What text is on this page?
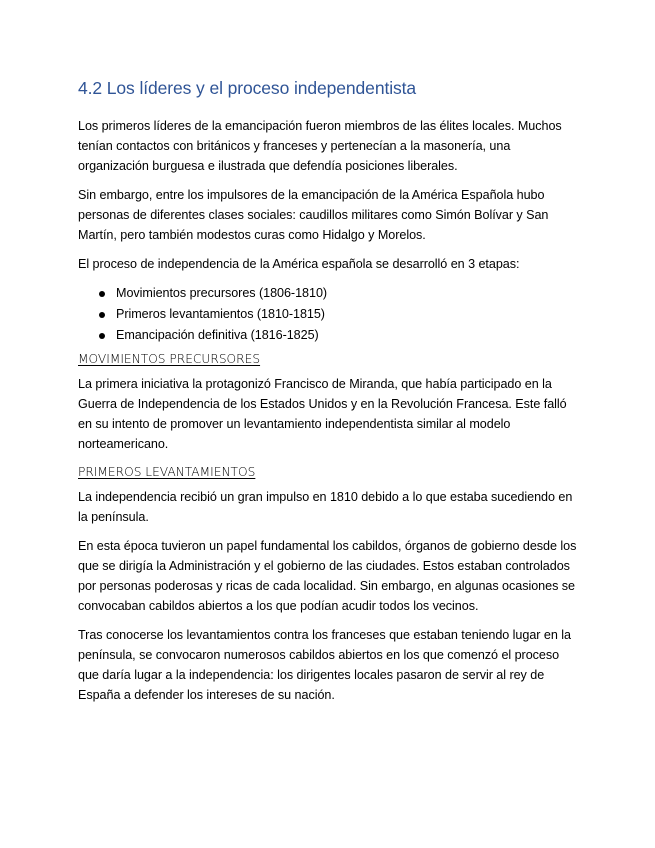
4.2 Los líderes y el proceso independentista

Los primeros líderes de la emancipación fueron miembros de las élites locales. Muchos tenían contactos con británicos y franceses y pertenecían a la masonería, una organización burguesa e ilustrada que defendía posiciones liberales.

Sin embargo, entre los impulsores de la emancipación de la América Española hubo personas de diferentes clases sociales: caudillos militares como Simón Bolívar y San Martín, pero también modestos curas como Hidalgo y Morelos.

El proceso de independencia de la América española se desarrolló en 3 etapas:

Movimientos precursores (1806-1810)
Primeros levantamientos (1810-1815)
Emancipación definitiva (1816-1825)
MOVIMIENTOS PRECURSORES

La primera iniciativa la protagonizó Francisco de Miranda, que había participado en la Guerra de Independencia de los Estados Unidos y en la Revolución Francesa. Este falló en su intento de promover un levantamiento independentista similar al modelo norteamericano.

PRIMEROS LEVANTAMIENTOS

La independencia recibió un gran impulso en 1810 debido a lo que estaba sucediendo en la península.

En esta época tuvieron un papel fundamental los cabildos, órganos de gobierno desde los que se dirigía la Administración y el gobierno de las ciudades. Estos estaban controlados por personas poderosas y ricas de cada localidad. Sin embargo, en algunas ocasiones se convocaban cabildos abiertos a los que podían acudir todos los vecinos.

Tras conocerse los levantamientos contra los franceses que estaban teniendo lugar en la península, se convocaron numerosos cabildos abiertos en los que comenzó el proceso que daría lugar a la independencia: los dirigentes locales pasaron de servir al rey de España a defender los intereses de su nación.
